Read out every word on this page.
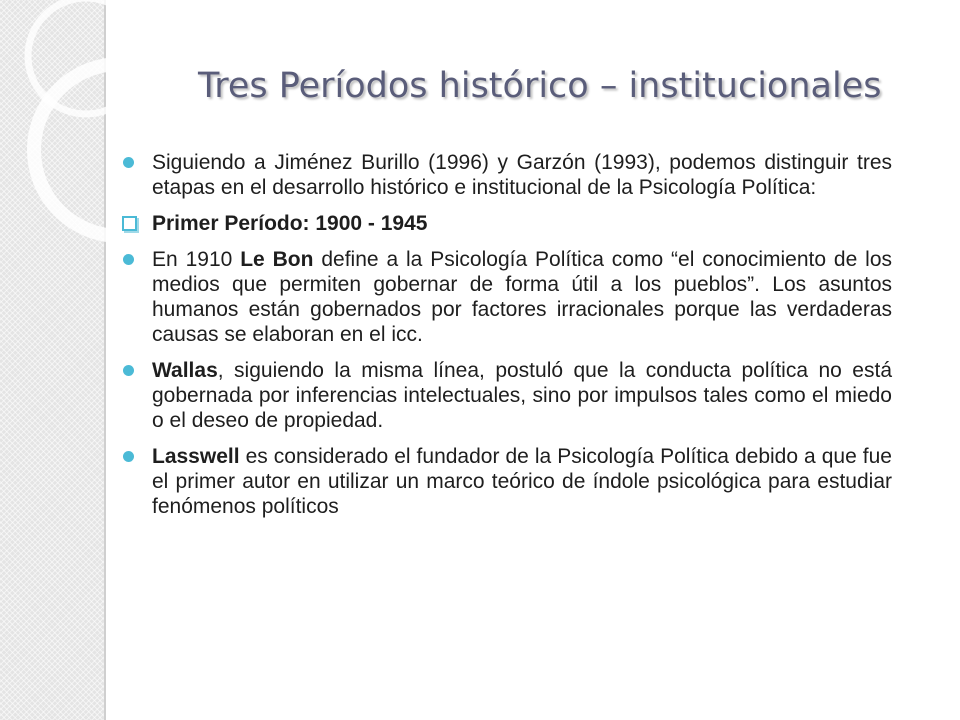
Tres Períodos histórico – institucionales
Siguiendo a Jiménez Burillo (1996) y Garzón (1993), podemos distinguir tres etapas en el desarrollo histórico e institucional de la Psicología Política:
Primer Período: 1900 - 1945
En 1910 Le Bon define a la Psicología Política como “el conocimiento de los medios que permiten gobernar de forma útil a los pueblos”. Los asuntos humanos están gobernados por factores irracionales porque las verdaderas causas se elaboran en el icc.
Wallas, siguiendo la misma línea, postuló que la conducta política no está gobernada por inferencias intelectuales, sino por impulsos tales como el miedo o el deseo de propiedad.
Lasswell es considerado el fundador de la Psicología Política debido a que fue el primer autor en utilizar un marco teórico de índole psicológica para estudiar fenómenos políticos
